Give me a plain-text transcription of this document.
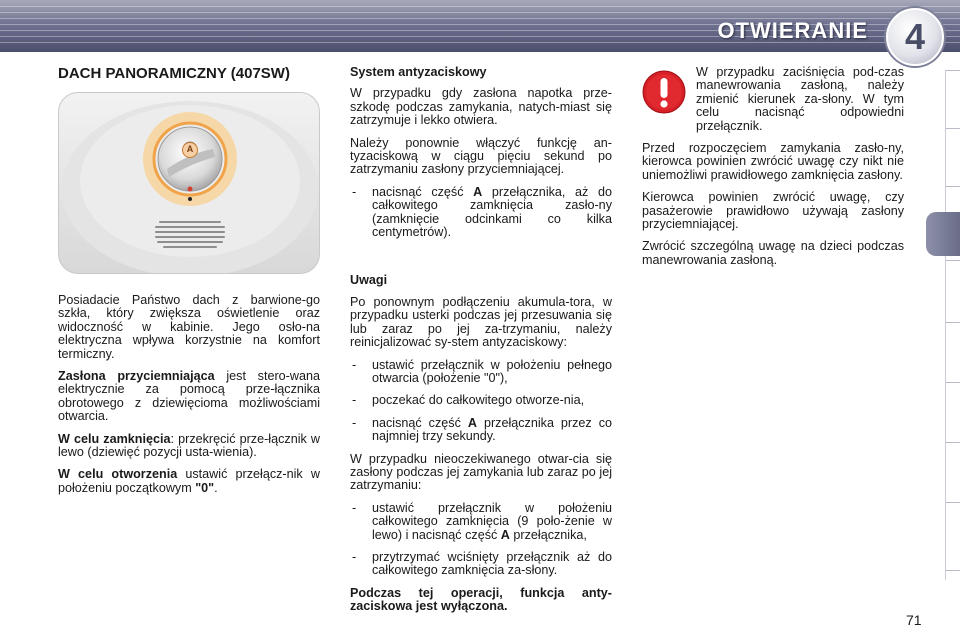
OTWIERANIE 4
DACH PANORAMICZNY (407SW)
A

Posiadacie Państwo dach z barwione-go szkła, który zwiększa oświetlenie oraz widoczność w kabinie. Jego osło-na elektryczna wpływa korzystnie na komfort termiczny.

Zasłona przyciemniająca jest stero-wana elektrycznie za pomocą prze-łącznika obrotowego z dziewięcioma możliwościami otwarcia.

W celu zamknięcia: przekręcić prze-łącznik w lewo (dziewięć pozycji usta-wienia).

W celu otworzenia ustawić przełącz-nik w położeniu początkowym "0".

System antyzaciskowy

W przypadku gdy zasłona napotka prze-szkodę podczas zamykania, natych-miast się zatrzymuje i lekko otwiera.

Należy ponownie włączyć funkcję an-tyzaciskową w ciągu pięciu sekund po zatrzymaniu zasłony przyciemniającej.

-	nacisnąć część A przełącznika, aż do całkowitego zamknięcia zasło-ny (zamknięcie odcinkami co kilka centymetrów).
Uwagi

Po ponownym podłączeniu akumula-tora, w przypadku usterki podczas jej przesuwania się lub zaraz po jej za-trzymaniu, należy reinicjalizować sy-stem antyzaciskowy:

-	ustawić przełącznik w położeniu pełnego otwarcia (położenie "0"),
-	poczekać do całkowitego otworze-nia,
-	nacisnąć część A przełącznika przez co najmniej trzy sekundy.

W przypadku nieoczekiwanego otwar-cia się zasłony podczas jej zamykania lub zaraz po jej zatrzymaniu:

-	ustawić przełącznik w położeniu całkowitego zamknięcia (9 poło-żenie w lewo) i nacisnąć część A przełącznika,
-	przytrzymać wciśnięty przełącznik aż do całkowitego zamknięcia za-słony.

Podczas tej operacji, funkcja anty-zaciskowa jest wyłączona.

W przypadku zaciśnięcia pod-czas manewrowania zasłoną, należy zmienić kierunek za-słony. W tym celu nacisnąć odpowiedni przełącznik.

Przed rozpoczęciem zamykania zasło-ny, kierowca powinien zwrócić uwagę czy nikt nie uniemożliwi prawidłowego zamknięcia zasłony.

Kierowca powinien zwrócić uwagę, czy pasażerowie prawidłowo używają zasłony przyciemniającej.

Zwrócić szczególną uwagę na dzieci podczas manewrowania zasłoną.

71
